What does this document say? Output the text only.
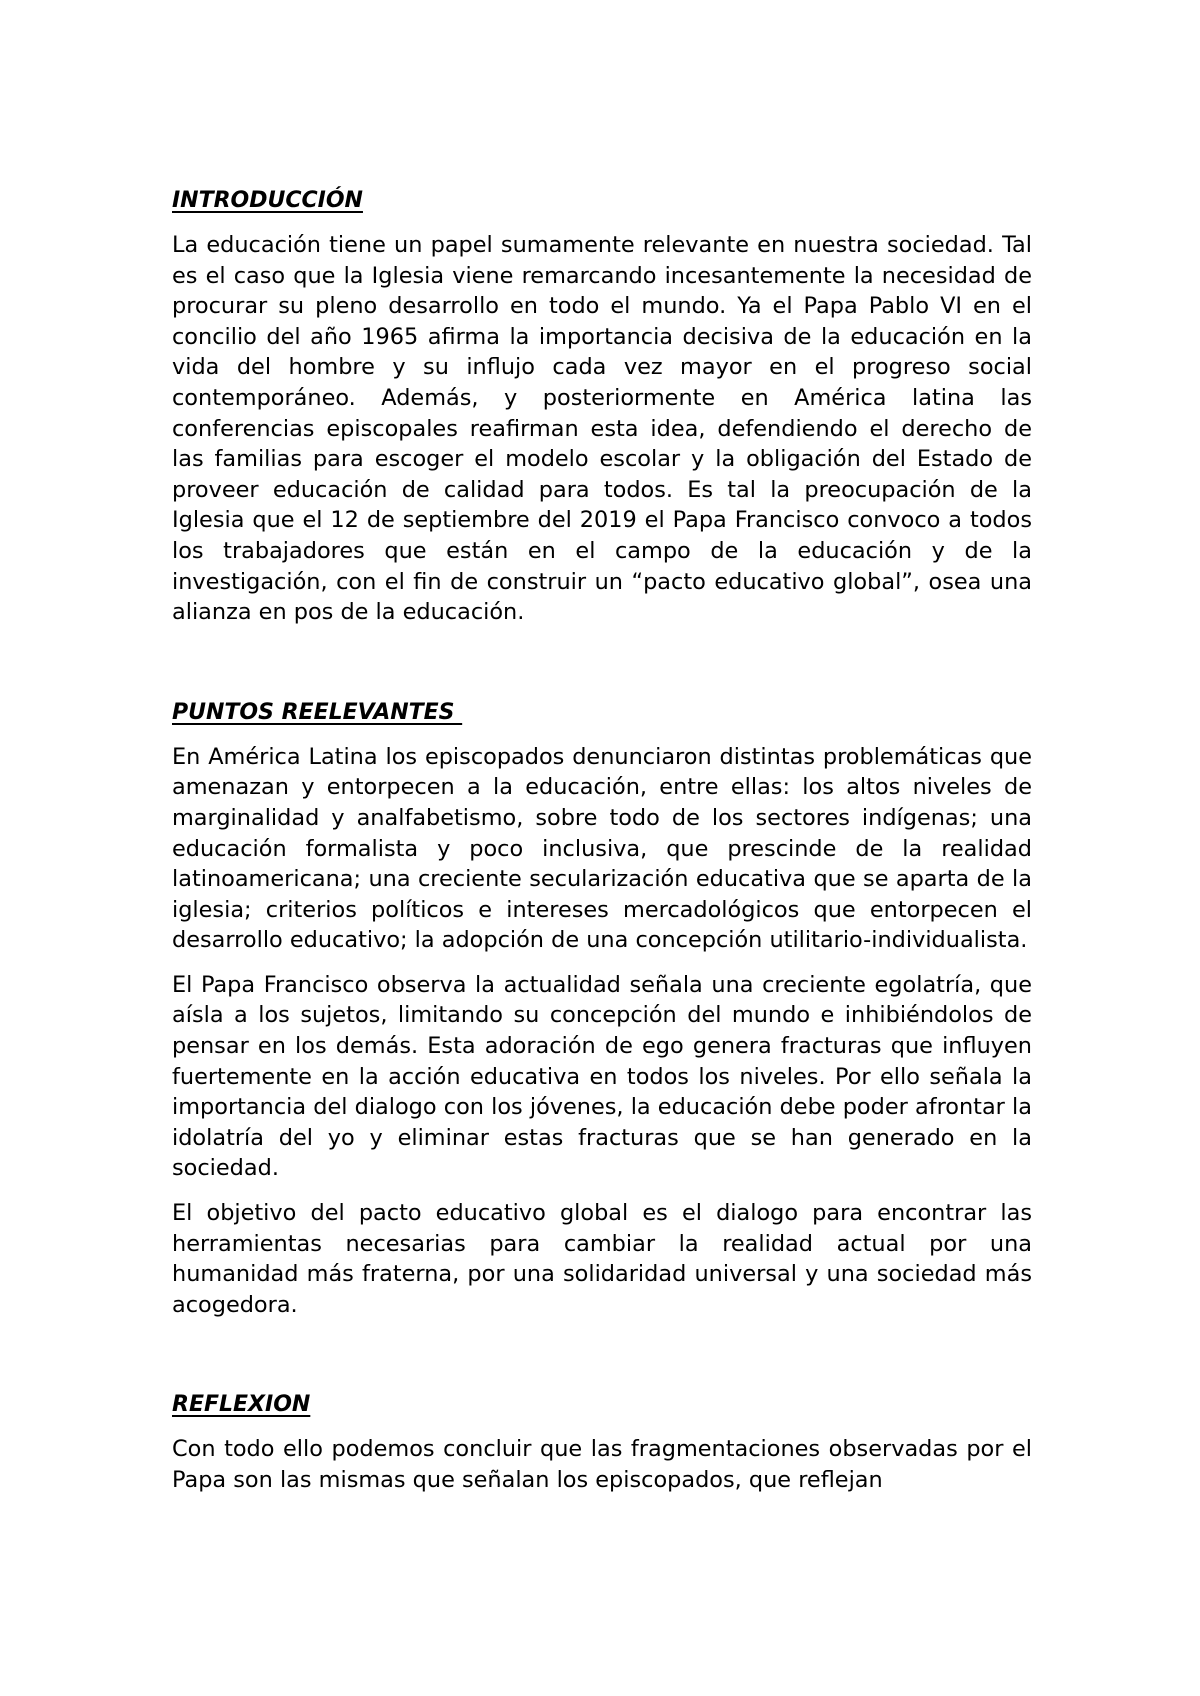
INTRODUCCIÓN

La educación tiene un papel sumamente relevante en nuestra sociedad. Tal es el caso que la Iglesia viene remarcando incesantemente la necesidad de procurar su pleno desarrollo en todo el mundo. Ya el Papa Pablo VI en el concilio del año 1965 afirma la importancia decisiva de la educación en la vida del hombre y su influjo cada vez mayor en el progreso social contemporáneo. Además, y posteriormente en América latina las conferencias episcopales reafirman esta idea, defendiendo el derecho de las familias para escoger el modelo escolar y la obligación del Estado de proveer educación de calidad para todos. Es tal la preocupación de la Iglesia que el 12 de septiembre del 2019 el Papa Francisco convoco a todos los trabajadores que están en el campo de la educación y de la investigación, con el fin de construir un “pacto educativo global”, osea una alianza en pos de la educación.

PUNTOS REELEVANTES

En América Latina los episcopados denunciaron distintas problemáticas que amenazan y entorpecen a la educación, entre ellas: los altos niveles de marginalidad y analfabetismo, sobre todo de los sectores indígenas; una educación formalista y poco inclusiva, que prescinde de la realidad latinoamericana; una creciente secularización educativa que se aparta de la iglesia; criterios políticos e intereses mercadológicos que entorpecen el desarrollo educativo; la adopción de una concepción utilitario-individualista.

El Papa Francisco observa la actualidad señala una creciente egolatría, que aísla a los sujetos, limitando su concepción del mundo e inhibiéndolos de pensar en los demás. Esta adoración de ego genera fracturas que influyen fuertemente en la acción educativa en todos los niveles. Por ello señala la importancia del dialogo con los jóvenes, la educación debe poder afrontar la idolatría del yo y eliminar estas fracturas que se han generado en la sociedad.

El objetivo del pacto educativo global es el dialogo para encontrar las herramientas necesarias para cambiar la realidad actual por una humanidad más fraterna, por una solidaridad universal y una sociedad más acogedora.

REFLEXION

Con todo ello podemos concluir que las fragmentaciones observadas por el Papa son las mismas que señalan los episcopados, que reflejan
